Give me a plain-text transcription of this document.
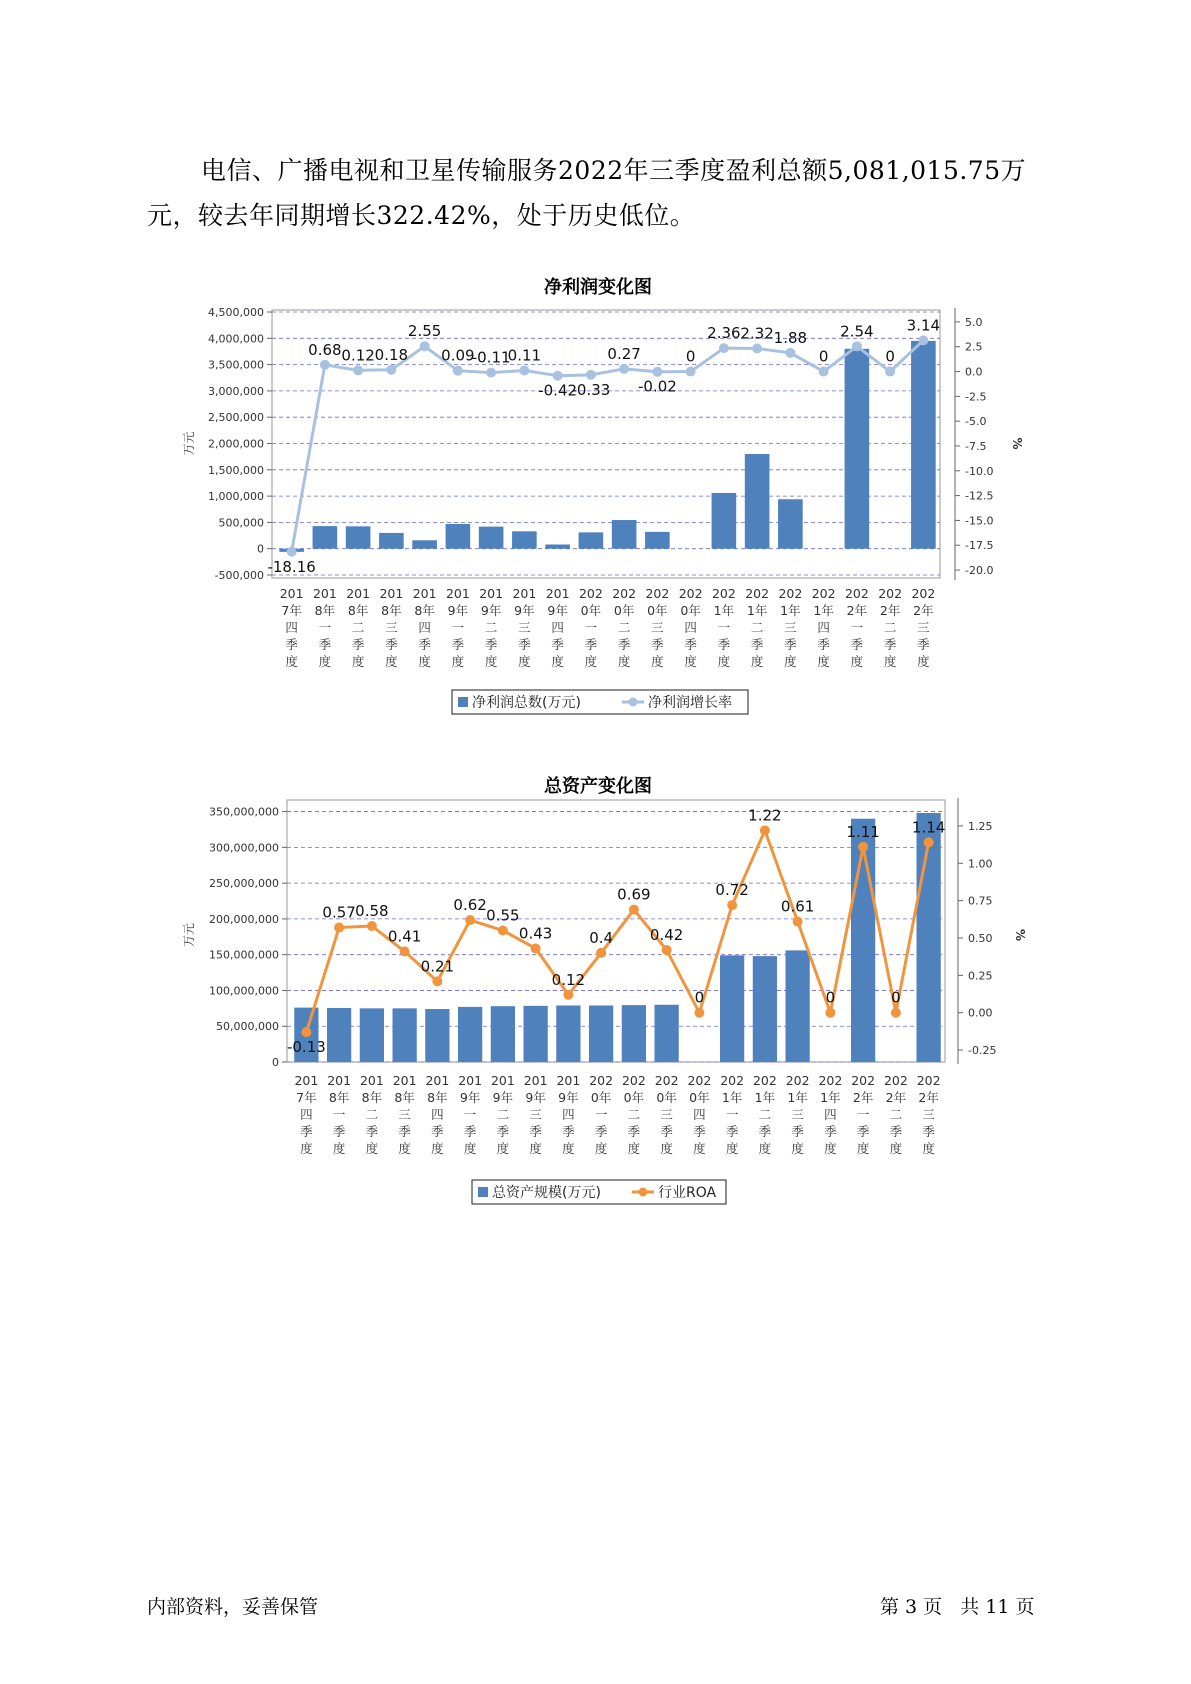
电信、广播电视和卫星传输服务2022年三季度盈利总额5,081,015.75万元，较去年同期增长322.42%，处于历史低位。
净利润变化图
-500,000
0
500,000
1,000,000
1,500,000
2,000,000
2,500,000
3,000,000
3,500,000
4,000,000
4,500,000
5.0
2.5
0.0
-2.5
-5.0
-7.5
-10.0
-12.5
-15.0
-17.5
-20.0
万元	%
-18.16
0.68 0.12 0.18
2.55
0.09
-0.11
0.11
-0.42
-0.33
0.27
-0.02
0
2.36 2.32 1.88
0
2.54
0
3.14
201
7年
四
季
度
201
8年
一
季
度
201
8年
二
季
度
201
8年
三
季
度
201
8年
四
季
度
201
9年
一
季
度
201
9年
二
季
度
201
9年
三
季
度
201
9年
四
季
度
202
0年
一
季
度
202
0年
二
季
度
202
0年
三
季
度
202
0年
四
季
度
202
1年
一
季
度
202
1年
二
季
度
202
1年
三
季
度
202
1年
四
季
度
202
2年
一
季
度
202
2年
二
季
度
202
2年
三
季
度
净利润总数(万元)	净利润增长率
总资产变化图
0
50,000,000
100,000,000
150,000,000
200,000,000
250,000,000
300,000,000
350,000,000
1.25
1.00
0.75
0.50
0.25
0.00
-0.25
万元	%
-0.13
0.57 0.58
0.41
0.21
0.62
0.55
0.43
0.12
0.4
0.69
0.42
0
0.72
1.22
0.61
0
1.11
0
1.14
201
7年
四
季
度
201
8年
一
季
度
201
8年
二
季
度
201
8年
三
季
度
201
8年
四
季
度
201
9年
一
季
度
201
9年
二
季
度
201
9年
三
季
度
201
9年
四
季
度
202
0年
一
季
度
202
0年
二
季
度
202
0年
三
季
度
202
0年
四
季
度
202
1年
一
季
度
202
1年
二
季
度
202
1年
三
季
度
202
1年
四
季
度
202
2年
一
季
度
202
2年
二
季
度
202
2年
三
季
度
总资产规模(万元)	行业ROA
内部资料，妥善保管	第 3 页   共 11 页
